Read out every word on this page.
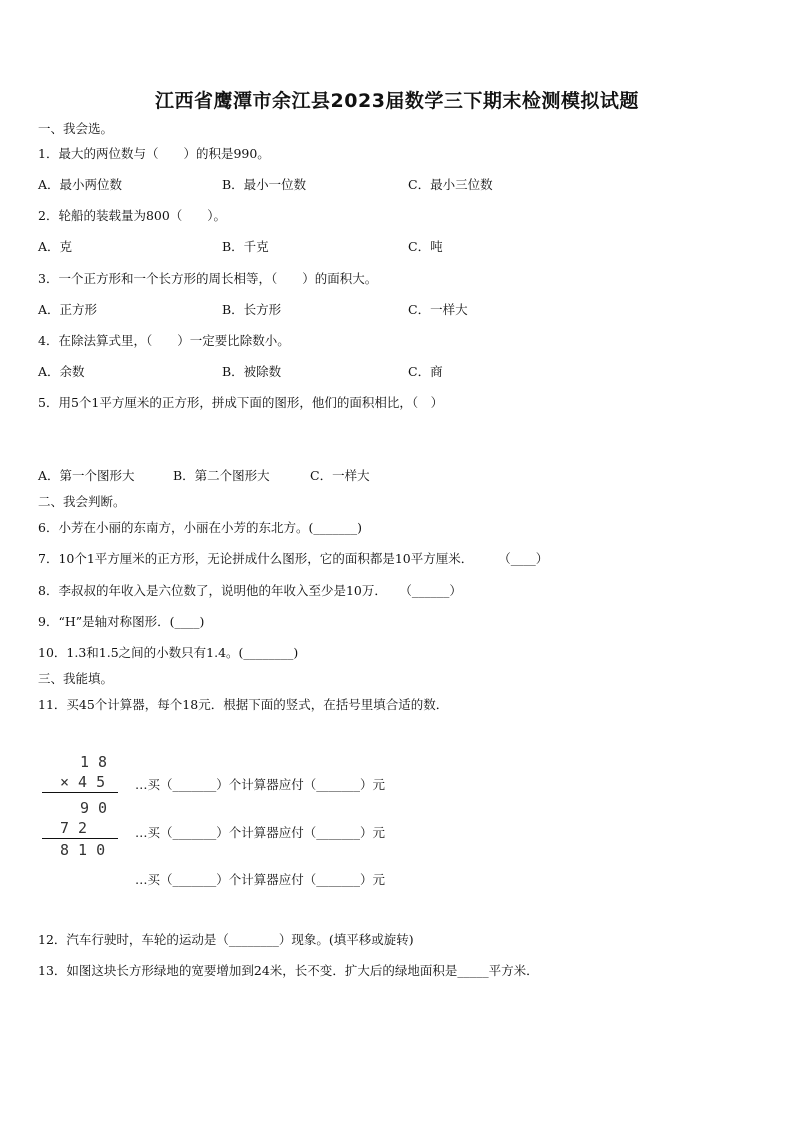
江西省鹰潭市余江县2023届数学三下期末检测模拟试题
一、我会选。
1．最大的两位数与（　　）的积是990。
A．最小两位数	B．最小一位数	C．最小三位数
2．轮船的装载量为800（　　）。
A．克	B．千克	C．吨
3．一个正方形和一个长方形的周长相等，（　　）的面积大。
A．正方形	B．长方形	C．一样大
4．在除法算式里，（　　）一定要比除数小。
A．余数	B．被除数	C．商
5．用5个1平方厘米的正方形，拼成下面的图形，他们的面积相比，（　）
A．第一个图形大	B．第二个图形大	C．一样大
二、我会判断。
6．小芳在小丽的东南方，小丽在小芳的东北方。(_______)
7．10个1平方厘米的正方形，无论拼成什么图形，它的面积都是10平方厘米．　　　（____）
8．李叔叔的年收入是六位数了，说明他的年收入至少是10万．　　（______）
9．“H”是轴对称图形．(____)
10．1.3和1.5之间的小数只有1.4。(________)
三、我能填。
11．买45个计算器，每个18元．根据下面的竖式，在括号里填合适的数．
1 8
× 4 5
9 0
7 2
8 1 0
…买（_______）个计算器应付（_______）元
…买（_______）个计算器应付（_______）元
…买（_______）个计算器应付（_______）元
12．汽车行驶时，车轮的运动是（________）现象。(填平移或旋转)
13．如图这块长方形绿地的宽要增加到24米，长不变．扩大后的绿地面积是_____平方米．
